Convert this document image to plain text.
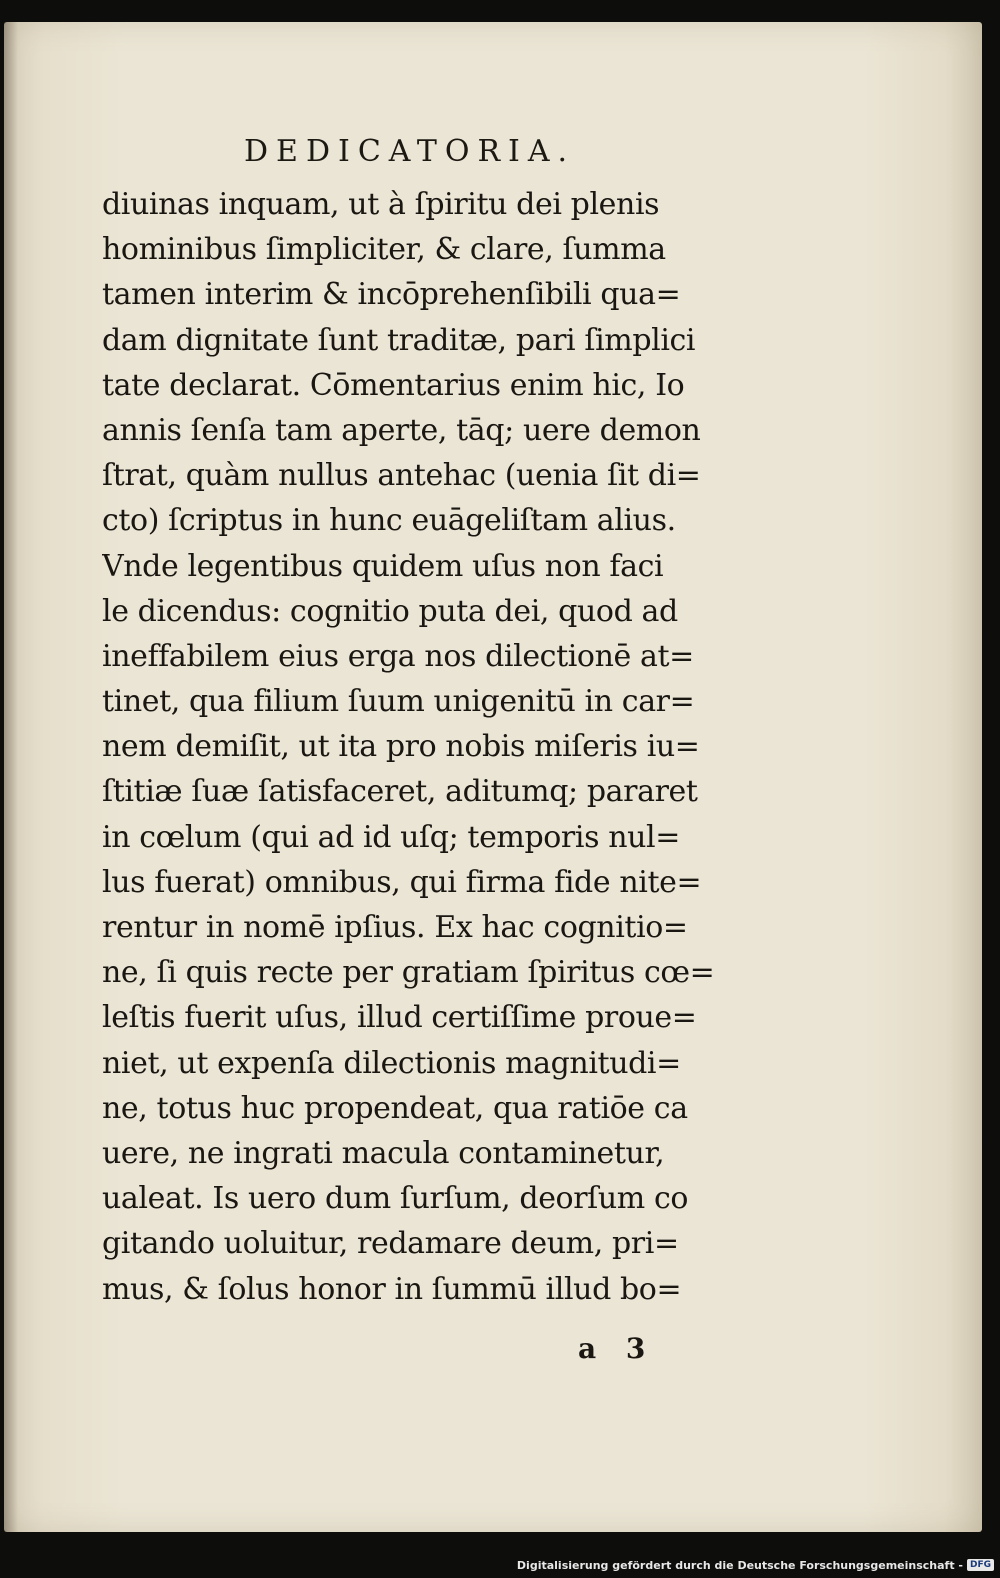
DEDICATORIA.
diuinas inquam, ut à ſpiritu dei plenis
hominibus ſimpliciter, & clare, ſumma
tamen interim & incōprehenſibili qua=
dam dignitate ſunt traditæ, pari ſimplici
tate declarat. Cōmentarius enim hic, Io
annis ſenſa tam aperte, tāq; uere demon
ſtrat, quàm nullus antehac (uenia ſit di=
cto) ſcriptus in hunc euāgeliſtam alius.
Vnde legentibus quidem uſus non faci
le dicendus: cognitio puta dei, quod ad
ineffabilem eius erga nos dilectionē at=
tinet, qua filium ſuum unigenitū in car=
nem demiſit, ut ita pro nobis miſeris iu=
ſtitiæ ſuæ ſatisfaceret, aditumq; pararet
in cœlum (qui ad id uſq; temporis nul=
lus fuerat) omnibus, qui firma fide nite=
rentur in nomē ipſius. Ex hac cognitio=
ne, ſi quis recte per gratiam ſpiritus cœ=
leſtis fuerit uſus, illud certiſſime proue=
niet, ut expenſa dilectionis magnitudi=
ne, totus huc propendeat, qua ratiōe ca
uere, ne ingrati macula contaminetur,
ualeat. Is uero dum ſurſum, deorſum co
gitando uoluitur, redamare deum, pri=
mus, & ſolus honor in ſummū illud bo=
a 3
Digitalisierung gefördert durch die Deutsche Forschungsgemeinschaft - DFG
